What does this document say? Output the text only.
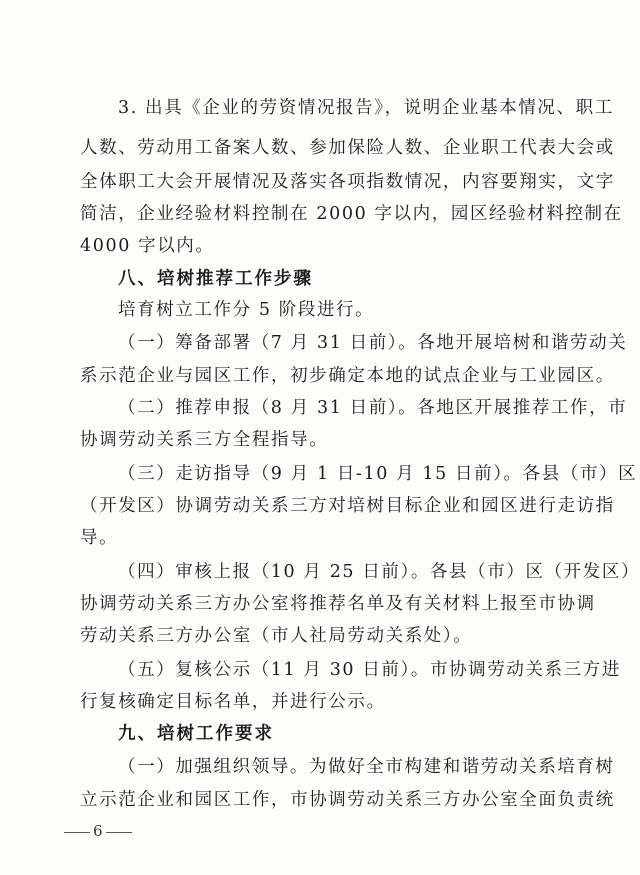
3. 出具《企业的劳资情况报告》，说明企业基本情况、职工
人数、劳动用工备案人数、参加保险人数、企业职工代表大会或
全体职工大会开展情况及落实各项指数情况，内容要翔实，文字
简洁，企业经验材料控制在 2000 字以内，园区经验材料控制在
4000 字以内。
八、培树推荐工作步骤
培育树立工作分 5 阶段进行。
（一）筹备部署（7 月 31 日前）。各地开展培树和谐劳动关
系示范企业与园区工作，初步确定本地的试点企业与工业园区。
（二）推荐申报（8 月 31 日前）。各地区开展推荐工作，市
协调劳动关系三方全程指导。
（三）走访指导（9 月 1 日-10 月 15 日前）。各县（市）区
（开发区）协调劳动关系三方对培树目标企业和园区进行走访指
导。
（四）审核上报（10 月 25 日前）。各县（市）区（开发区）
协调劳动关系三方办公室将推荐名单及有关材料上报至市协调
劳动关系三方办公室（市人社局劳动关系处）。
（五）复核公示（11 月 30 日前）。市协调劳动关系三方进
行复核确定目标名单，并进行公示。
九、培树工作要求
（一）加强组织领导。为做好全市构建和谐劳动关系培育树
立示范企业和园区工作，市协调劳动关系三方办公室全面负责统
6
